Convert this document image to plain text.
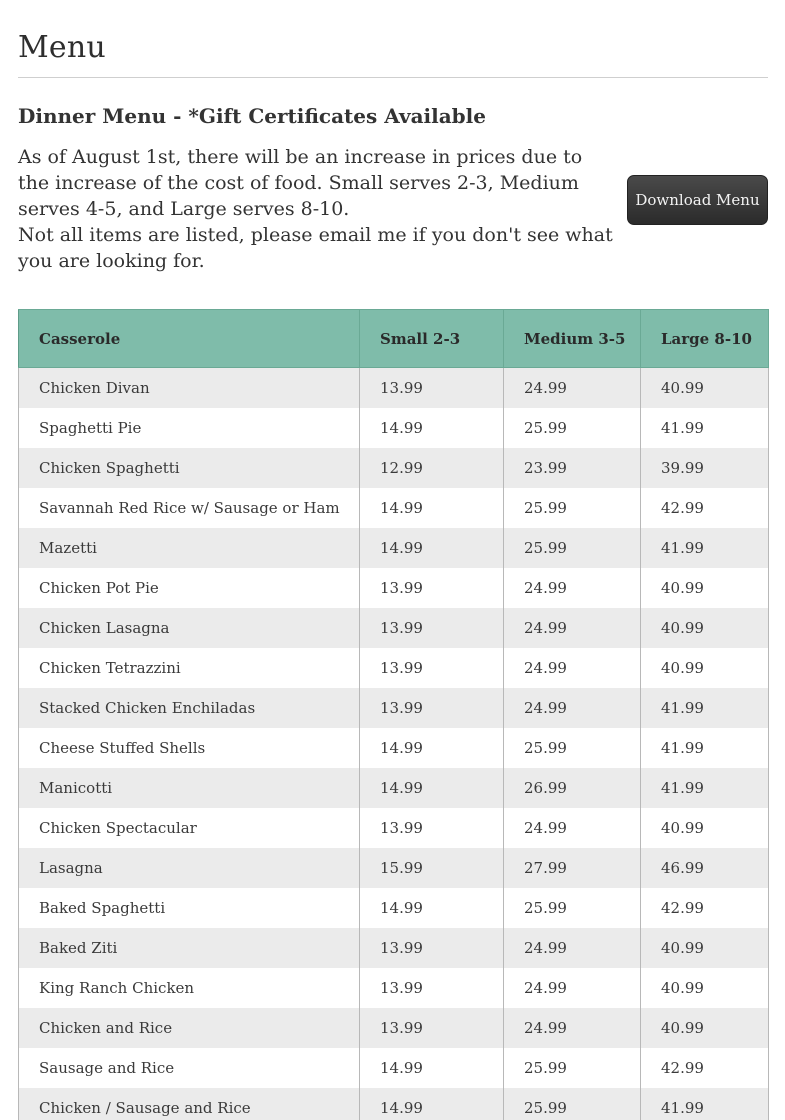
Menu
Dinner Menu - *Gift Certificates Available

As of August 1st, there will be an increase in prices due to the increase of the cost of food. Small serves 2-3, Medium serves 4-5, and Large serves 8-10.

Not all items are listed, please email me if you don't see what you are looking for.

Download Menu
Casserole	Small 2-3	Medium 3-5	Large 8-10
Chicken Divan	13.99	24.99	40.99
Spaghetti Pie	14.99	25.99	41.99
Chicken Spaghetti	12.99	23.99	39.99
Savannah Red Rice w/ Sausage or Ham	14.99	25.99	42.99
Mazetti	14.99	25.99	41.99
Chicken Pot Pie	13.99	24.99	40.99
Chicken Lasagna	13.99	24.99	40.99
Chicken Tetrazzini	13.99	24.99	40.99
Stacked Chicken Enchiladas	13.99	24.99	41.99
Cheese Stuffed Shells	14.99	25.99	41.99
Manicotti	14.99	26.99	41.99
Chicken Spectacular	13.99	24.99	40.99
Lasagna	15.99	27.99	46.99
Baked Spaghetti	14.99	25.99	42.99
Baked Ziti	13.99	24.99	40.99
King Ranch Chicken	13.99	24.99	40.99
Chicken and Rice	13.99	24.99	40.99
Sausage and Rice	14.99	25.99	42.99
Chicken / Sausage and Rice	14.99	25.99	41.99
